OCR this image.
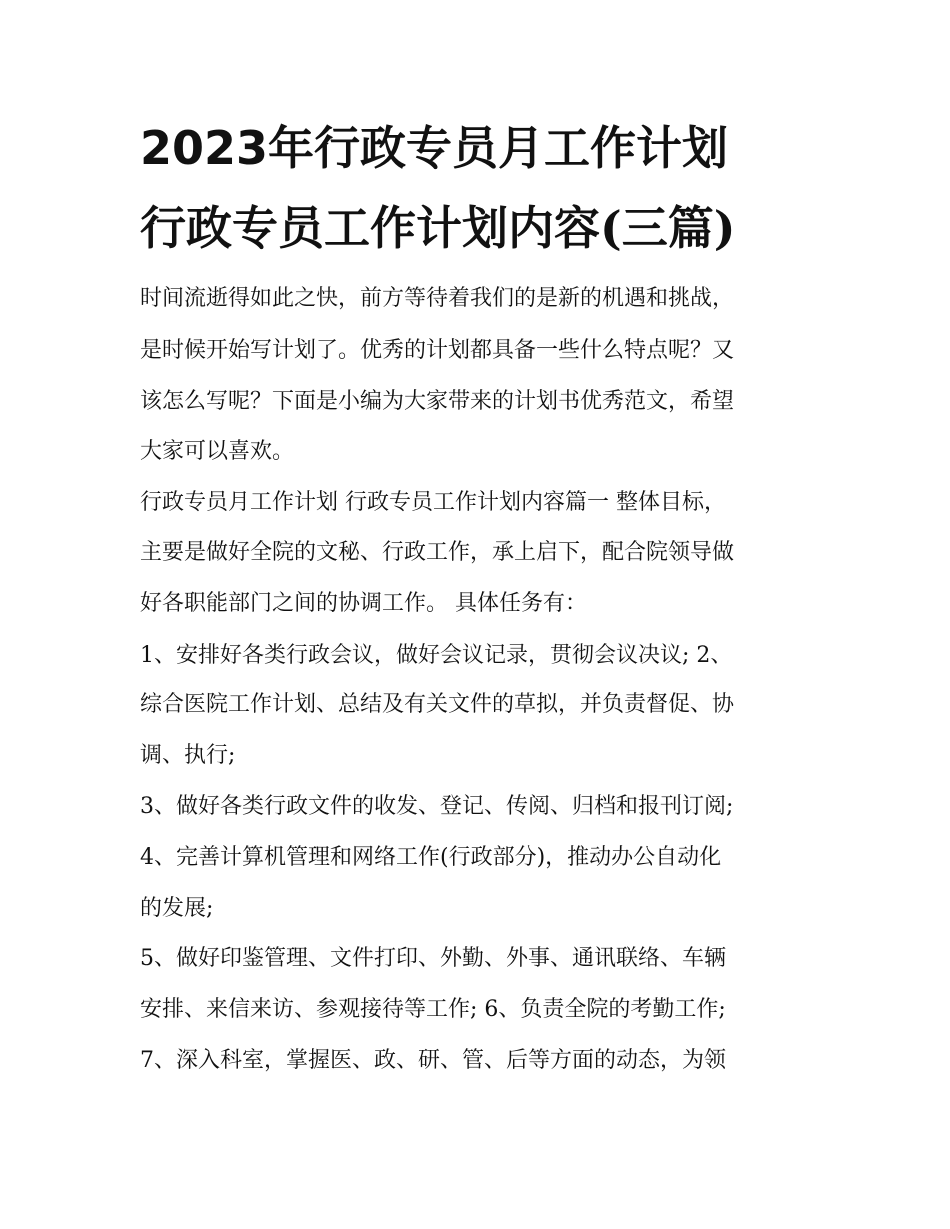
2023年行政专员月工作计划
行政专员工作计划内容(三篇)
时间流逝得如此之快，前方等待着我们的是新的机遇和挑战，
是时候开始写计划了。优秀的计划都具备一些什么特点呢？又
该怎么写呢？下面是小编为大家带来的计划书优秀范文，希望
大家可以喜欢。
行政专员月工作计划 行政专员工作计划内容篇一 整体目标，
主要是做好全院的文秘、行政工作，承上启下，配合院领导做
好各职能部门之间的协调工作。 具体任务有：
1、安排好各类行政会议，做好会议记录，贯彻会议决议; 2、
综合医院工作计划、总结及有关文件的草拟，并负责督促、协
调、执行;
3、做好各类行政文件的收发、登记、传阅、归档和报刊订阅;
4、完善计算机管理和网络工作(行政部分)，推动办公自动化
的发展;
5、做好印鉴管理、文件打印、外勤、外事、通讯联络、车辆
安排、来信来访、参观接待等工作; 6、负责全院的考勤工作;
7、深入科室，掌握医、政、研、管、后等方面的动态，为领
